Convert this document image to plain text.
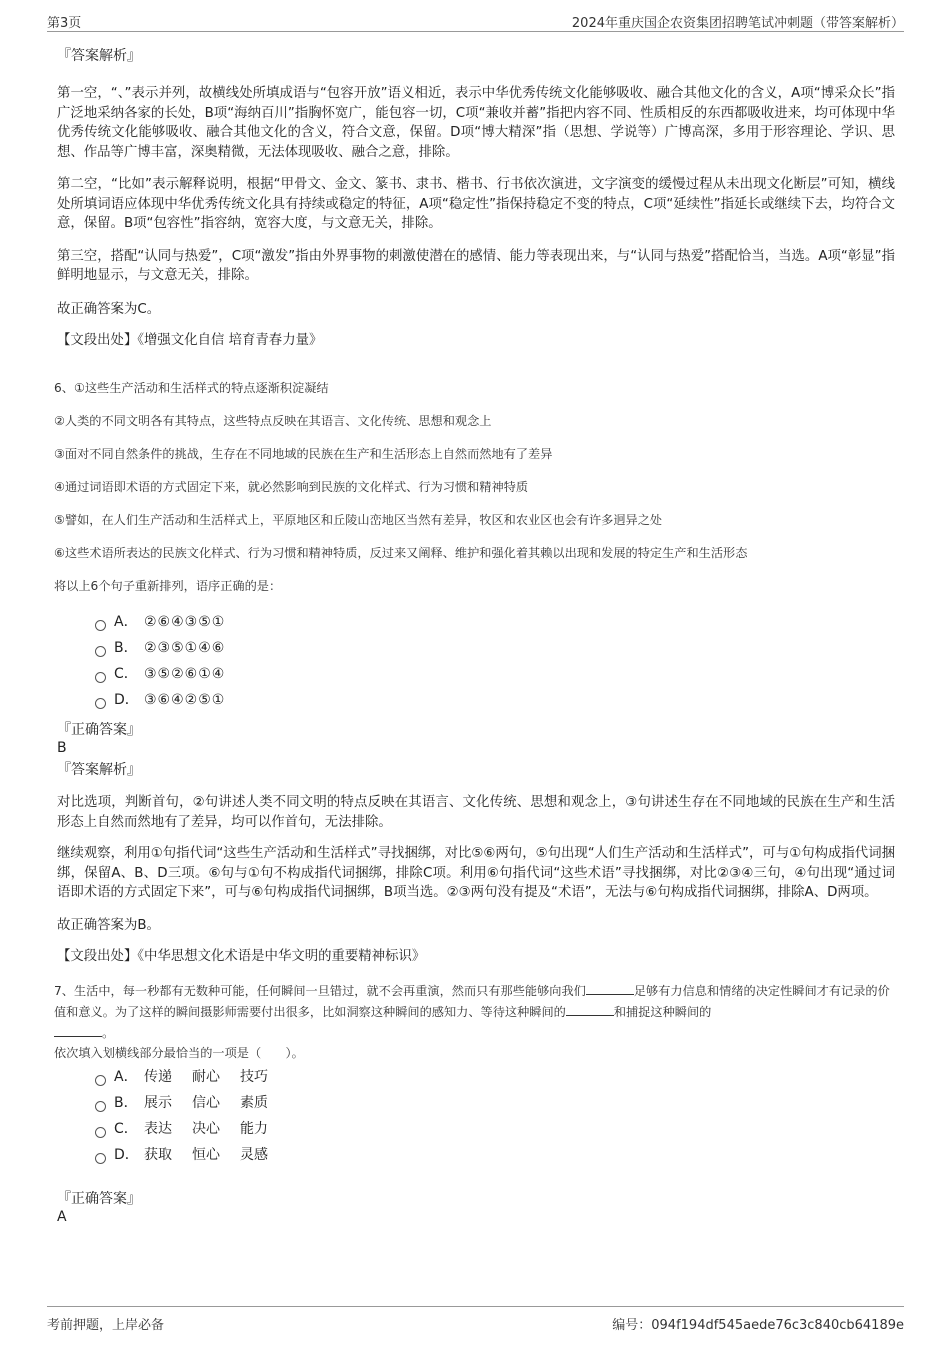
第3页	2024年重庆国企农资集团招聘笔试冲刺题（带答案解析）

『答案解析』

第一空，“、”表示并列，故横线处所填成语与“包容开放”语义相近，表示中华优秀传统文化能够吸收、融合其他文化的含义，A项“博采众长”指广泛地采纳各家的长处，B项“海纳百川”指胸怀宽广，能包容一切，C项“兼收并蓄”指把内容不同、性质相反的东西都吸收进来，均可体现中华优秀传统文化能够吸收、融合其他文化的含义，符合文意，保留。D项“博大精深”指（思想、学说等）广博高深，多用于形容理论、学识、思想、作品等广博丰富，深奥精微，无法体现吸收、融合之意，排除。

第二空，“比如”表示解释说明，根据“甲骨文、金文、篆书、隶书、楷书、行书依次演进，文字演变的缓慢过程从未出现文化断层”可知，横线处所填词语应体现中华优秀传统文化具有持续或稳定的特征，A项“稳定性”指保持稳定不变的特点，C项“延续性”指延长或继续下去，均符合文意，保留。B项“包容性”指容纳，宽容大度，与文意无关，排除。

第三空，搭配“认同与热爱”，C项“激发”指由外界事物的刺激使潜在的感情、能力等表现出来，与“认同与热爱”搭配恰当，当选。A项“彰显”指鲜明地显示，与文意无关，排除。

故正确答案为C。

【文段出处】《增强文化自信 培育青春力量》

6、①这些生产活动和生活样式的特点逐渐积淀凝结

②人类的不同文明各有其特点，这些特点反映在其语言、文化传统、思想和观念上

③面对不同自然条件的挑战，生存在不同地域的民族在生产和生活形态上自然而然地有了差异

④通过词语即术语的方式固定下来，就必然影响到民族的文化样式、行为习惯和精神特质

⑤譬如，在人们生产活动和生活样式上，平原地区和丘陵山峦地区当然有差异，牧区和农业区也会有许多迥异之处

⑥这些术语所表达的民族文化样式、行为习惯和精神特质，反过来又阐释、维护和强化着其赖以出现和发展的特定生产和生活形态

将以上6个句子重新排列，语序正确的是：

A． ②⑥④③⑤①
B． ②③⑤①④⑥
C． ③⑤②⑥①④
D． ③⑥④②⑤①

『正确答案』

B

『答案解析』

对比选项，判断首句，②句讲述人类不同文明的特点反映在其语言、文化传统、思想和观念上，③句讲述生存在不同地域的民族在生产和生活形态上自然而然地有了差异，均可以作首句，无法排除。

继续观察，利用①句指代词“这些生产活动和生活样式”寻找捆绑，对比⑤⑥两句，⑤句出现“人们生产活动和生活样式”，可与①句构成指代词捆绑，保留A、B、D三项。⑥句与①句不构成指代词捆绑，排除C项。利用⑥句指代词“这些术语”寻找捆绑，对比②③④三句，④句出现“通过词语即术语的方式固定下来”，可与⑥句构成指代词捆绑，B项当选。②③两句没有提及“术语”，无法与⑥句构成指代词捆绑，排除A、D两项。

故正确答案为B。

【文段出处】《中华思想文化术语是中华文明的重要精神标识》

7、生活中，每一秒都有无数种可能，任何瞬间一旦错过，就不会再重演，然而只有那些能够向我们	足够有力信息和情绪的决定性瞬间才有记录的价值和意义。为了这样的瞬间摄影师需要付出很多，比如洞察这种瞬间的感知力、等待这种瞬间的	和捕捉这种瞬间的
。

依次填入划横线部分最恰当的一项是（　　）。

A． 传递 耐心 技巧
B． 展示 信心 素质
C． 表达 决心 能力
D． 获取 恒心 灵感

『正确答案』

A

考前押题，上岸必备	编号：094f194df545aede76c3c840cb64189e
